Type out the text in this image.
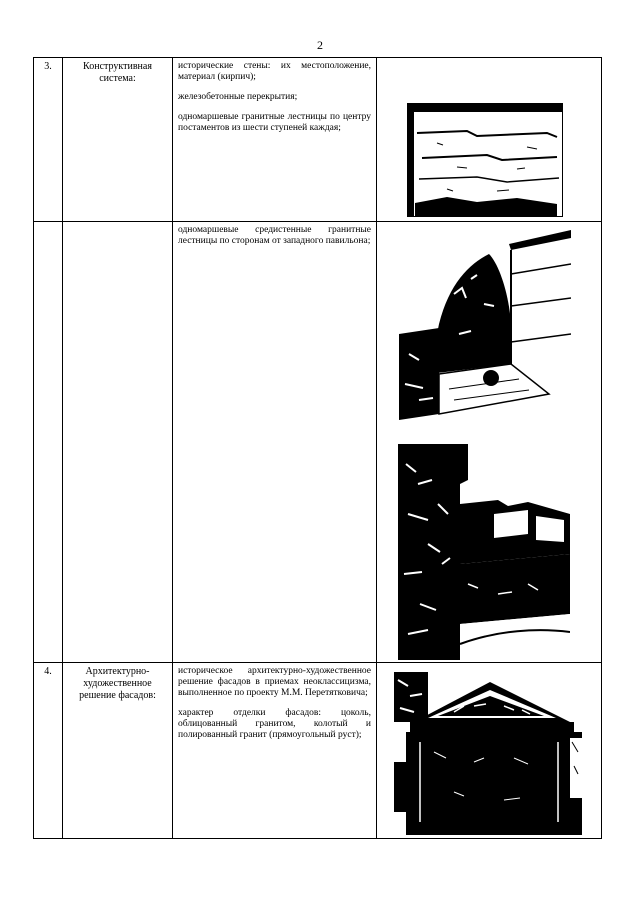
2
3.	Конструктивная система:	исторические стены: их местоположение, материал (кирпич);

железобетонные перекрытия;

одномаршевые гранитные лестницы по центру постаментов из шести ступеней каждая;

		одномаршевые средистенные гранитные лестницы по сторонам от западного павильона;

4.	Архитектурно-художественное решение фасадов:	историческое архитектурно-художественное решение фасадов в приемах неоклассицизма, выполненное по проекту М.М. Перетятковича;

характер отделки фасадов: цоколь, облицованный гранитом, колотый и полированный гранит (прямоугольный руст);
